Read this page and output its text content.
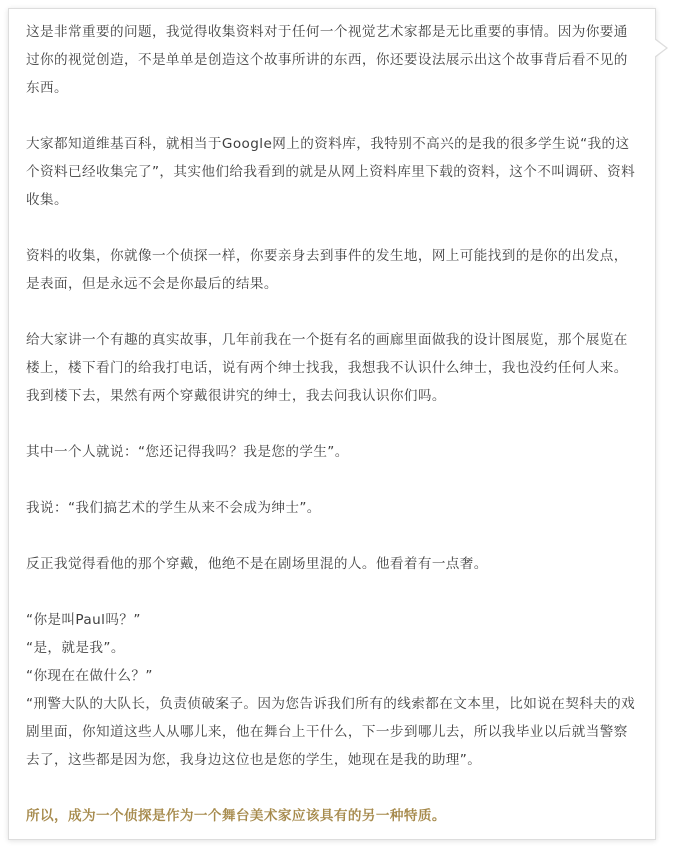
这是非常重要的问题，我觉得收集资料对于任何一个视觉艺术家都是无比重要的事情。因为你要通过你的视觉创造，不是单单是创造这个故事所讲的东西，你还要设法展示出这个故事背后看不见的东西。

大家都知道维基百科，就相当于Google网上的资料库，我特别不高兴的是我的很多学生说“我的这个资料已经收集完了”，其实他们给我看到的就是从网上资料库里下载的资料，这个不叫调研、资料收集。

资料的收集，你就像一个侦探一样，你要亲身去到事件的发生地，网上可能找到的是你的出发点，是表面，但是永远不会是你最后的结果。

给大家讲一个有趣的真实故事，几年前我在一个挺有名的画廊里面做我的设计图展览，那个展览在楼上，楼下看门的给我打电话，说有两个绅士找我，我想我不认识什么绅士，我也没约任何人来。我到楼下去，果然有两个穿戴很讲究的绅士，我去问我认识你们吗。

其中一个人就说：“您还记得我吗？我是您的学生”。

我说：“我们搞艺术的学生从来不会成为绅士”。

反正我觉得看他的那个穿戴，他绝不是在剧场里混的人。他看着有一点奢。

“你是叫Paul吗？”

“是，就是我”。

“你现在在做什么？”

“刑警大队的大队长，负责侦破案子。因为您告诉我们所有的线索都在文本里，比如说在契科夫的戏剧里面，你知道这些人从哪儿来，他在舞台上干什么，下一步到哪儿去，所以我毕业以后就当警察去了，这些都是因为您，我身边这位也是您的学生，她现在是我的助理”。

所以，成为一个侦探是作为一个舞台美术家应该具有的另一种特质。
